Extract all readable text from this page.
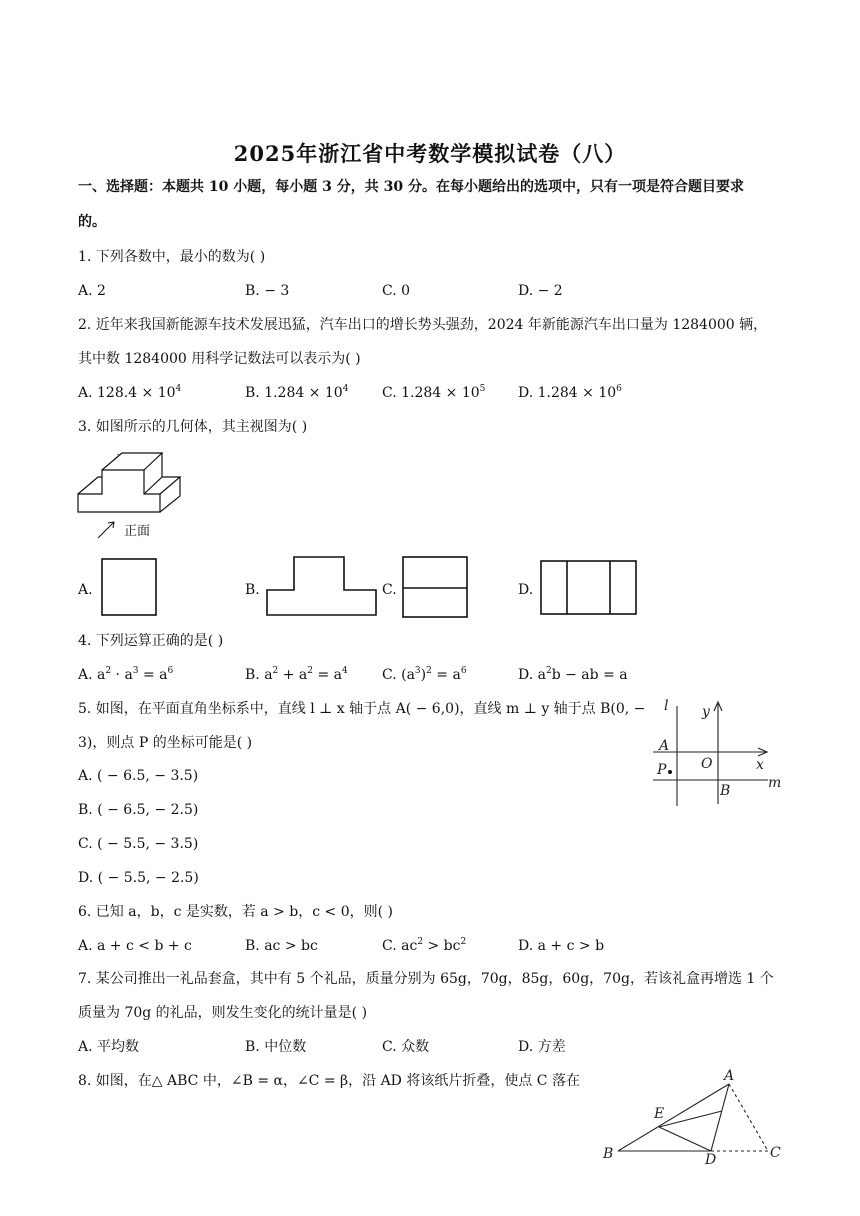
2025年浙江省中考数学模拟试卷（八）
一、选择题：本题共 10 小题，每小题 3 分，共 30 分。在每小题给出的选项中，只有一项是符合题目要求
的。
1. 下列各数中，最小的数为( )
A. 2	B. − 3	C. 0	D. − 2
2. 近年来我国新能源车技术发展迅猛，汽车出口的增长势头强劲，2024 年新能源汽车出口量为 1284000 辆，
其中数 1284000 用科学记数法可以表示为( )
A. $128.4 \times 10^4$	B. $1.284 \times 10^4$ C. $1.284 \times 10^5$ D. $1.284 \times 10^6$
3. 如图所示的几何体，其主视图为( )
正面
A.	B.	C.	D.
4. 下列运算正确的是( )
A. $a^2 \cdot a^3 = a^6$	B. $a^2 + a^2 = a^4$ C. $(a^3)^2 = a^6$	D. $a^2b$ − ab = a
5. 如图，在平面直角坐标系中，直线 l ⊥ x 轴于点 A( − 6,0)，直线 m ⊥ y 轴于点 B(0, −
3)，则点 P 的坐标可能是( )
A. ( − 6.5, − 3.5)
B. ( − 6.5, − 2.5)
C. ( − 5.5, − 3.5)
D. ( − 5.5, − 2.5)
l y
A
O	x
P
B	m
6. 已知 a，b，c 是实数，若 a > b，c < 0，则( )
A. a + c < b + c	B. ac > bc	C. $ac^2 > bc^2$	D. a + c > b
7. 某公司推出一礼品套盒，其中有 5 个礼品，质量分别为 65g，70g，85g，60g，70g，若该礼盒再增选 1 个
质量为 70g 的礼品，则发生变化的统计量是( )
A. 平均数	B. 中位数	C. 众数	D. 方差
8. 如图，在△ ABC 中，∠B = α，∠C = β，沿 AD 将该纸片折叠，使点 C 落在	A
E
B	D	C
